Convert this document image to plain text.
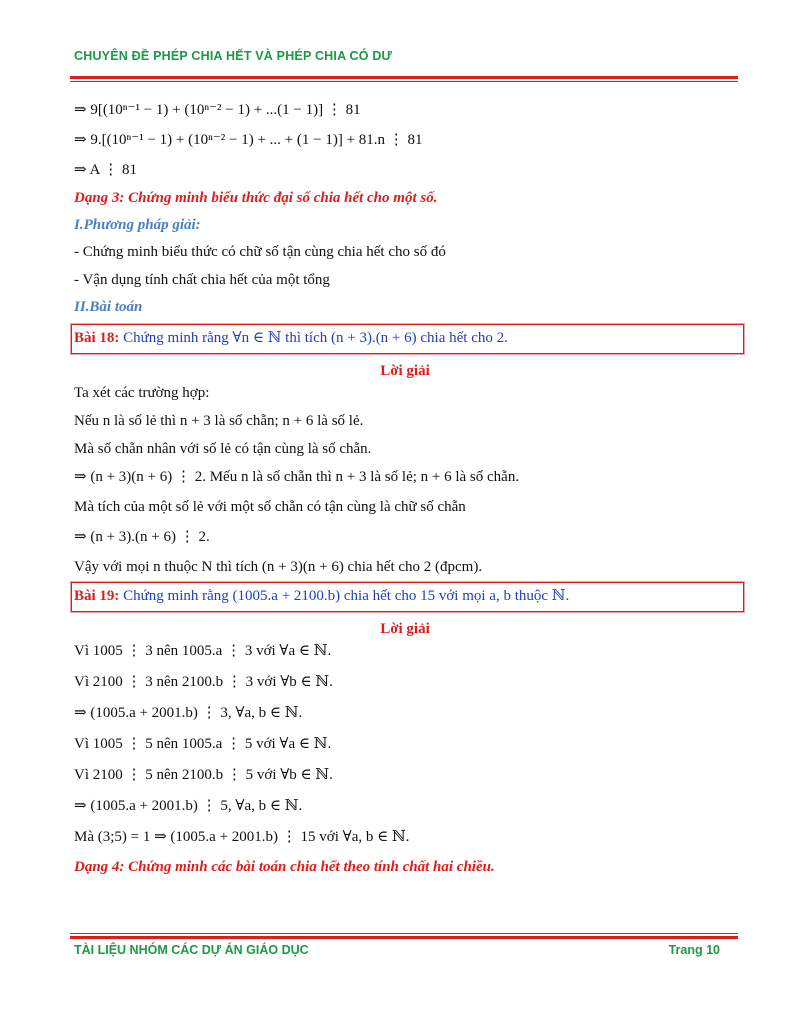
CHUYÊN ĐỀ PHÉP CHIA HẾT VÀ PHÉP CHIA CÓ DƯ
⇒ 9[(10ⁿ⁻¹ − 1) + (10ⁿ⁻² − 1) + ...(1 − 1)] ⋮ 81
⇒ 9.[(10ⁿ⁻¹ − 1) + (10ⁿ⁻² − 1) + ... + (1 − 1)] + 81.n ⋮ 81
⇒ A ⋮ 81
Dạng 3: Chứng minh biểu thức đại số chia hết cho một số.
I.Phương pháp giải:
- Chứng minh biểu thức có chữ số tận cùng chia hết cho số đó
- Vận dụng tính chất chia hết của một tổng
II.Bài toán
Bài 18: Chứng minh rằng ∀n ∈ ℕ thì tích (n + 3).(n + 6) chia hết cho 2.
Lời giải
Ta xét các trường hợp:
Nếu n là số lẻ thì n + 3 là số chẵn; n + 6 là số lẻ.
Mà số chẵn nhân với số lẻ có tận cùng là số chẵn.
⇒ (n + 3)(n + 6) ⋮ 2. Mếu n là số chẵn thì n + 3 là số lẻ; n + 6 là số chẵn.
Mà tích của một số lẻ với một số chẵn có tận cùng là chữ số chẵn
⇒ (n + 3).(n + 6) ⋮ 2.
Vậy với mọi n thuộc N thì tích (n + 3)(n + 6) chia hết cho 2 (đpcm).
Bài 19: Chứng minh rằng (1005.a + 2100.b) chia hết cho 15 với mọi a, b thuộc ℕ.
Lời giải
Vì 1005 ⋮ 3 nên 1005.a ⋮ 3 với ∀a ∈ ℕ.
Vì 2100 ⋮ 3 nên 2100.b ⋮ 3 với ∀b ∈ ℕ.
⇒ (1005.a + 2001.b) ⋮ 3, ∀a, b ∈ ℕ.
Vì 1005 ⋮ 5 nên 1005.a ⋮ 5 với ∀a ∈ ℕ.
Vì 2100 ⋮ 5 nên 2100.b ⋮ 5 với ∀b ∈ ℕ.
⇒ (1005.a + 2001.b) ⋮ 5, ∀a, b ∈ ℕ.
Mà (3;5) = 1 ⇒ (1005.a + 2001.b) ⋮ 15 với ∀a, b ∈ ℕ.
Dạng 4: Chứng minh các bài toán chia hết theo tính chất hai chiều.
TÀI LIỆU NHÓM CÁC DỰ ÁN GIÁO DỤC	Trang 10
